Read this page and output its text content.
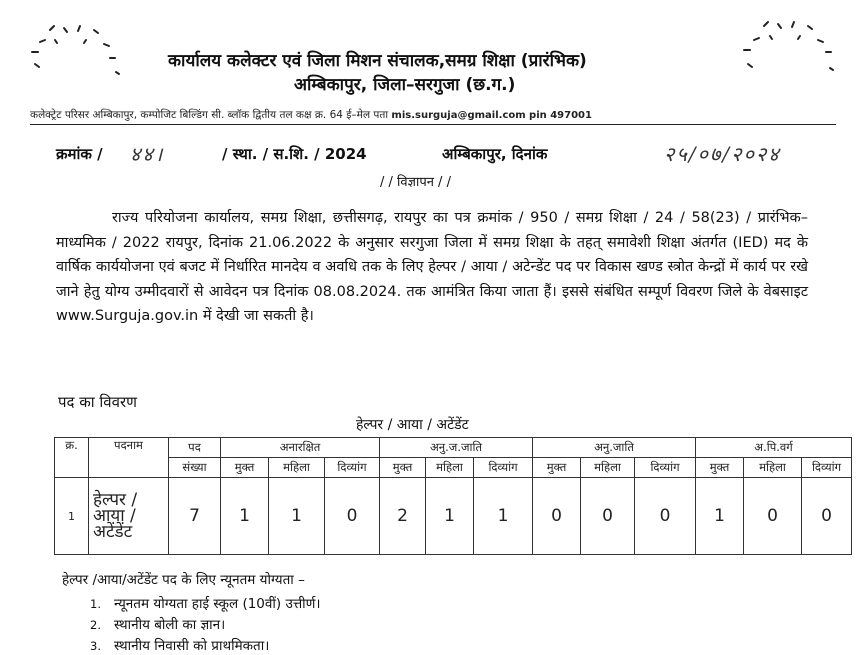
कार्यालय कलेक्टर एवं जिला मिशन संचालक,समग्र शिक्षा (प्रारंभिक)
अम्बिकापुर, जिला–सरगुजा (छ.ग.)
कलेक्ट्रेट परिसर अम्बिकापुर, कम्पोजिट बिल्डिंग सी. ब्लॉक द्वितीय तल कक्ष क्र. 64 ई–मेल पता mis.surguja@gmail.com pin 497001
क्रमांक / ४४।	/ स्था. / स.शि. / 2024	अम्बिकापुर, दिनांक	२५/०७/२०२४
/ / विज्ञापन / /
राज्य परियोजना कार्यालय, समग्र शिक्षा, छत्तीसगढ़, रायपुर का पत्र क्रमांक / 950 / समग्र शिक्षा / 24 / 58(23) / प्रारंभिक–माध्यमिक / 2022 रायपुर, दिनांक 21.06.2022 के अनुसार सरगुजा जिला में समग्र शिक्षा के तहत् समावेशी शिक्षा अंतर्गत (IED) मद के वार्षिक कार्ययोजना एवं बजट में निर्धारित मानदेय व अवधि तक के लिए हेल्पर / आया / अटेन्डेंट पद पर विकास खण्ड स्त्रोत केन्द्रों में कार्य पर रखे जाने हेतु योग्य उम्मीदवारों से आवेदन पत्र दिनांक 08.08.2024. तक आमंत्रित किया जाता हैं। इससे संबंधित सम्पूर्ण विवरण जिले के वेबसाइट www.Surguja.gov.in में देखी जा सकती है।
पद का विवरण
हेल्पर / आया / अटेंडेंट
क्र.	पदनाम	पद	अनारक्षित			अनु.ज.जाति			अनु.जाति			अ.पि.वर्ग		
		संख्या	मुक्त	महिला	दिव्यांग	मुक्त	महिला	दिव्यांग	मुक्त	महिला	दिव्यांग	मुक्त	महिला	दिव्यांग
1	हेल्पर / आया / अटेंडेंट	7	1	1	0	2	1	1	0	0	0	1	0	0
हेल्पर /आया/अटेंडेंट पद के लिए न्यूनतम योग्यता –
1. न्यूनतम योग्यता हाई स्कूल (10वीं) उत्तीर्ण।
2. स्थानीय बोली का ज्ञान।
3. स्थानीय निवासी को प्राथमिकता।
